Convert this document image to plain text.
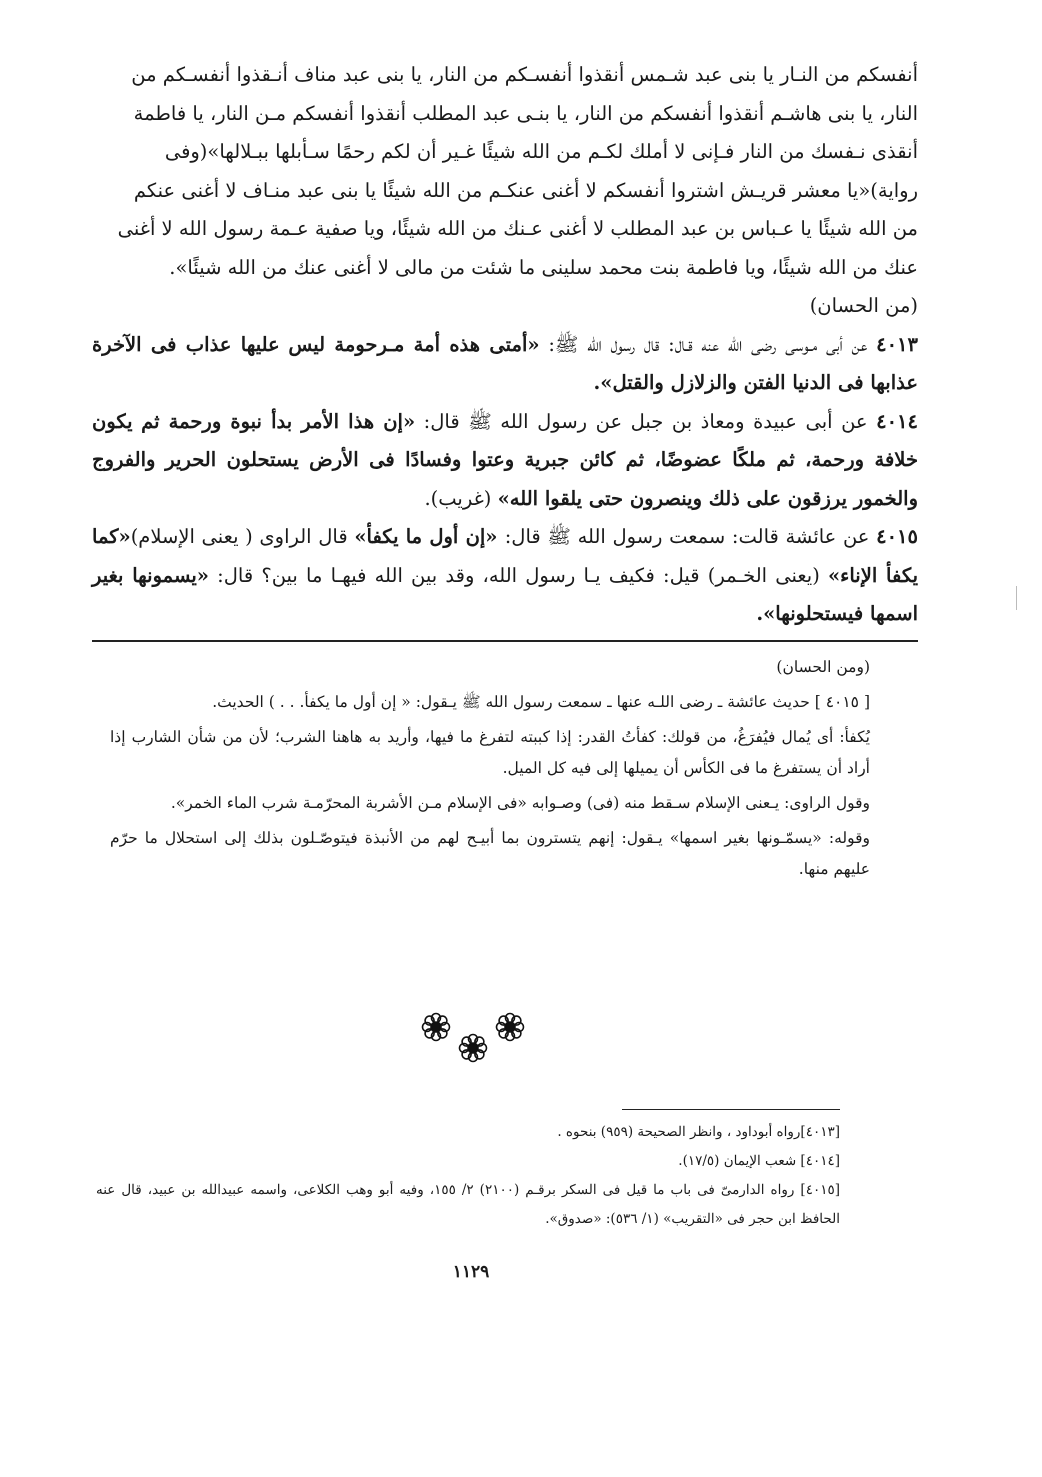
أنفسكم من النـار يا بنى عبد شـمس أنقذوا أنفسـكم من النار، يا بنى عبد مناف أنـقذوا أنفسـكم من

النار، يا بنى هاشـم أنقذوا أنفسكم من النار، يا بنـى عبد المطلب أنقذوا أنفسكم مـن النار، يا فاطمة

أنقذى نـفسك من النار فـإنى لا أملك لكـم من الله شيئًا غـير أن لكم رحمًا سـأبلها ببـلالها»(وفى

رواية)«يا معشر قريـش اشتروا أنفسكم لا أغنى عنكـم من الله شيئًا يا بنى عبد منـاف لا أغنى عنكم

من الله شيئًا يا عـباس بن عبد المطلب لا أغنى عـنك من الله شيئًا، ويا صفية عـمة رسول الله لا أغنى

عنك من الله شيئًا، ويا فاطمة بنت محمد سلينى ما شئت من مالى لا أغنى عنك من الله شيئًا».

(من الحسان)

٤٠١٣ عن أبى مـوسى رضى الله عنه قـال: قال رسول الله ﷺ: «أمتى هذه أمة مـرحومة ليس عليها عذاب فى الآخرة عذابها فى الدنيا الفتن والزلازل والقتل».

٤٠١٤ عن أبى عبيدة ومعاذ بن جبل عن رسول الله ﷺ قال: «إن هذا الأمر بدأ نبوة ورحمة ثم يكون خلافة ورحمة، ثم ملكًا عضوضًا، ثم كائن جبرية وعتوا وفسادًا فى الأرض يستحلون الحرير والفروج والخمور يرزقون على ذلك وينصرون حتى يلقوا الله» (غريب).

٤٠١٥ عن عائشة قالت: سمعت رسول الله ﷺ قال: «إن أول ما يكفأ» قال الراوى ( يعنى الإسلام)«كما يكفأ الإناء» (يعنى الخـمر) قيل: فكيف يـا رسول الله، وقد بين الله فيهـا ما بين؟ قال: «يسمونها بغير اسمها فيستحلونها».

(ومن الحسان)

[ ٤٠١٥ ] حديث عائشة ـ رضى اللـه عنها ـ سمعت رسول الله ﷺ يـقول: « إن أول ما يكفأ. . . ) الحديث.

يُكفأ: أى يُمال فيُفرَغُ، من قولك: كفأتُ القدر: إذا كببته لتفرغ ما فيها، وأريد به هاهنا الشرب؛ لأن من شأن الشارب إذا أراد أن يستفرغ ما فى الكأس أن يميلها إلى فيه كل الميل.

وقول الراوى: يـعنى الإسلام سـقط منه (فى) وصـوابه «فى الإسلام مـن الأشربة المحرّمـة شرب الماء الخمر».

وقوله: «يسمّـونها بغير اسمها» يـقول: إنهم يتسترون بما أبيـح لهم من الأنبذة فيتوصّـلون بذلك إلى استحلال ما حرّم عليهم منها.

[٤٠١٣]رواه أبوداود ، وانظر الصحيحة (٩٥٩) بنحوه .

[٤٠١٤] شعب الإيمان (١٧/٥).

[٤٠١٥] رواه الدارمىّ فى باب ما قيل فى السكر برقـم (٢١٠٠) ٢/ ١٥٥، وفيه أبو وهب الكلاعى، واسمه عبيدالله بن عبيد، قال عنه الحافظ ابن حجر فى «التقريب» (١/ ٥٣٦): «صدوق».

١١٢٩
